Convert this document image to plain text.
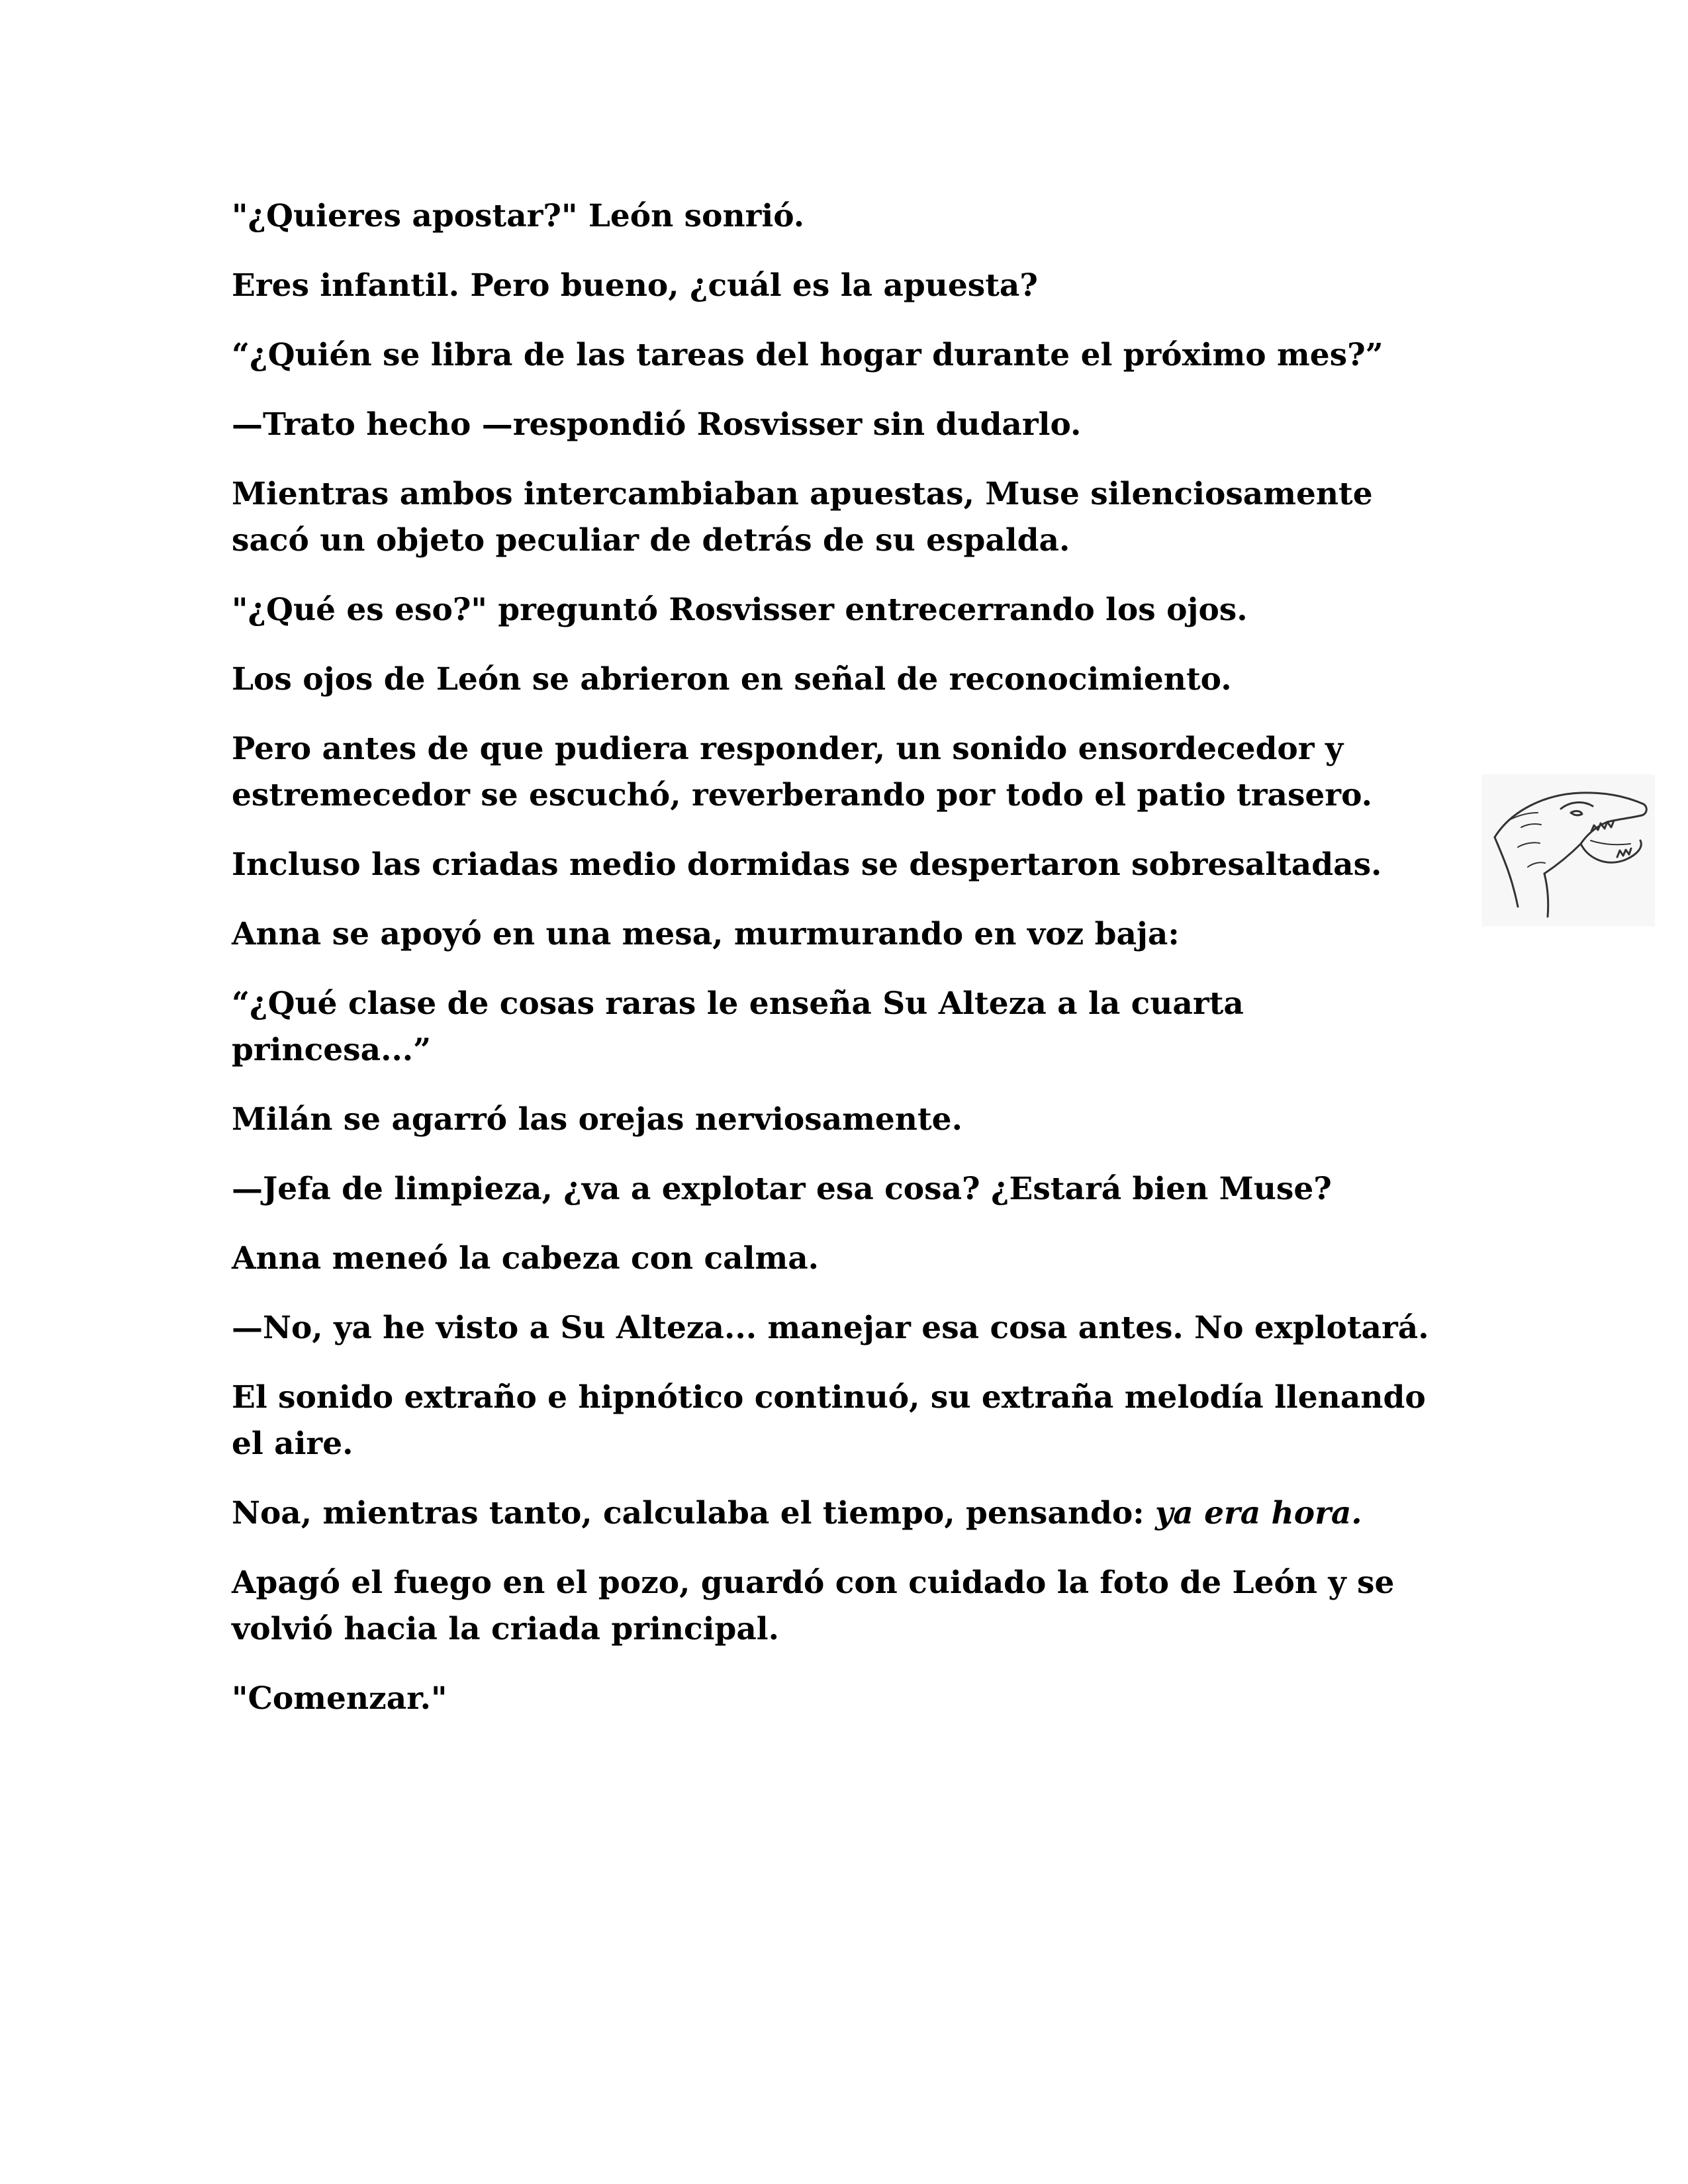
"¿Quieres apostar?" León sonrió.

Eres infantil. Pero bueno, ¿cuál es la apuesta?

“¿Quién se libra de las tareas del hogar durante el próximo mes?”

—Trato hecho —respondió Rosvisser sin dudarlo.

Mientras ambos intercambiaban apuestas, Muse silenciosamente sacó un objeto peculiar de detrás de su espalda.

"¿Qué es eso?" preguntó Rosvisser entrecerrando los ojos.

Los ojos de León se abrieron en señal de reconocimiento.

Pero antes de que pudiera responder, un sonido ensordecedor y estremecedor se escuchó, reverberando por todo el patio trasero.

Incluso las criadas medio dormidas se despertaron sobresaltadas.

Anna se apoyó en una mesa, murmurando en voz baja:

“¿Qué clase de cosas raras le enseña Su Alteza a la cuarta princesa...”

Milán se agarró las orejas nerviosamente.

—Jefa de limpieza, ¿va a explotar esa cosa? ¿Estará bien Muse?

Anna meneó la cabeza con calma.

—No, ya he visto a Su Alteza... manejar esa cosa antes. No explotará.

El sonido extraño e hipnótico continuó, su extraña melodía llenando el aire.

Noa, mientras tanto, calculaba el tiempo, pensando: ya era hora.

Apagó el fuego en el pozo, guardó con cuidado la foto de León y se volvió hacia la criada principal.

"Comenzar."
